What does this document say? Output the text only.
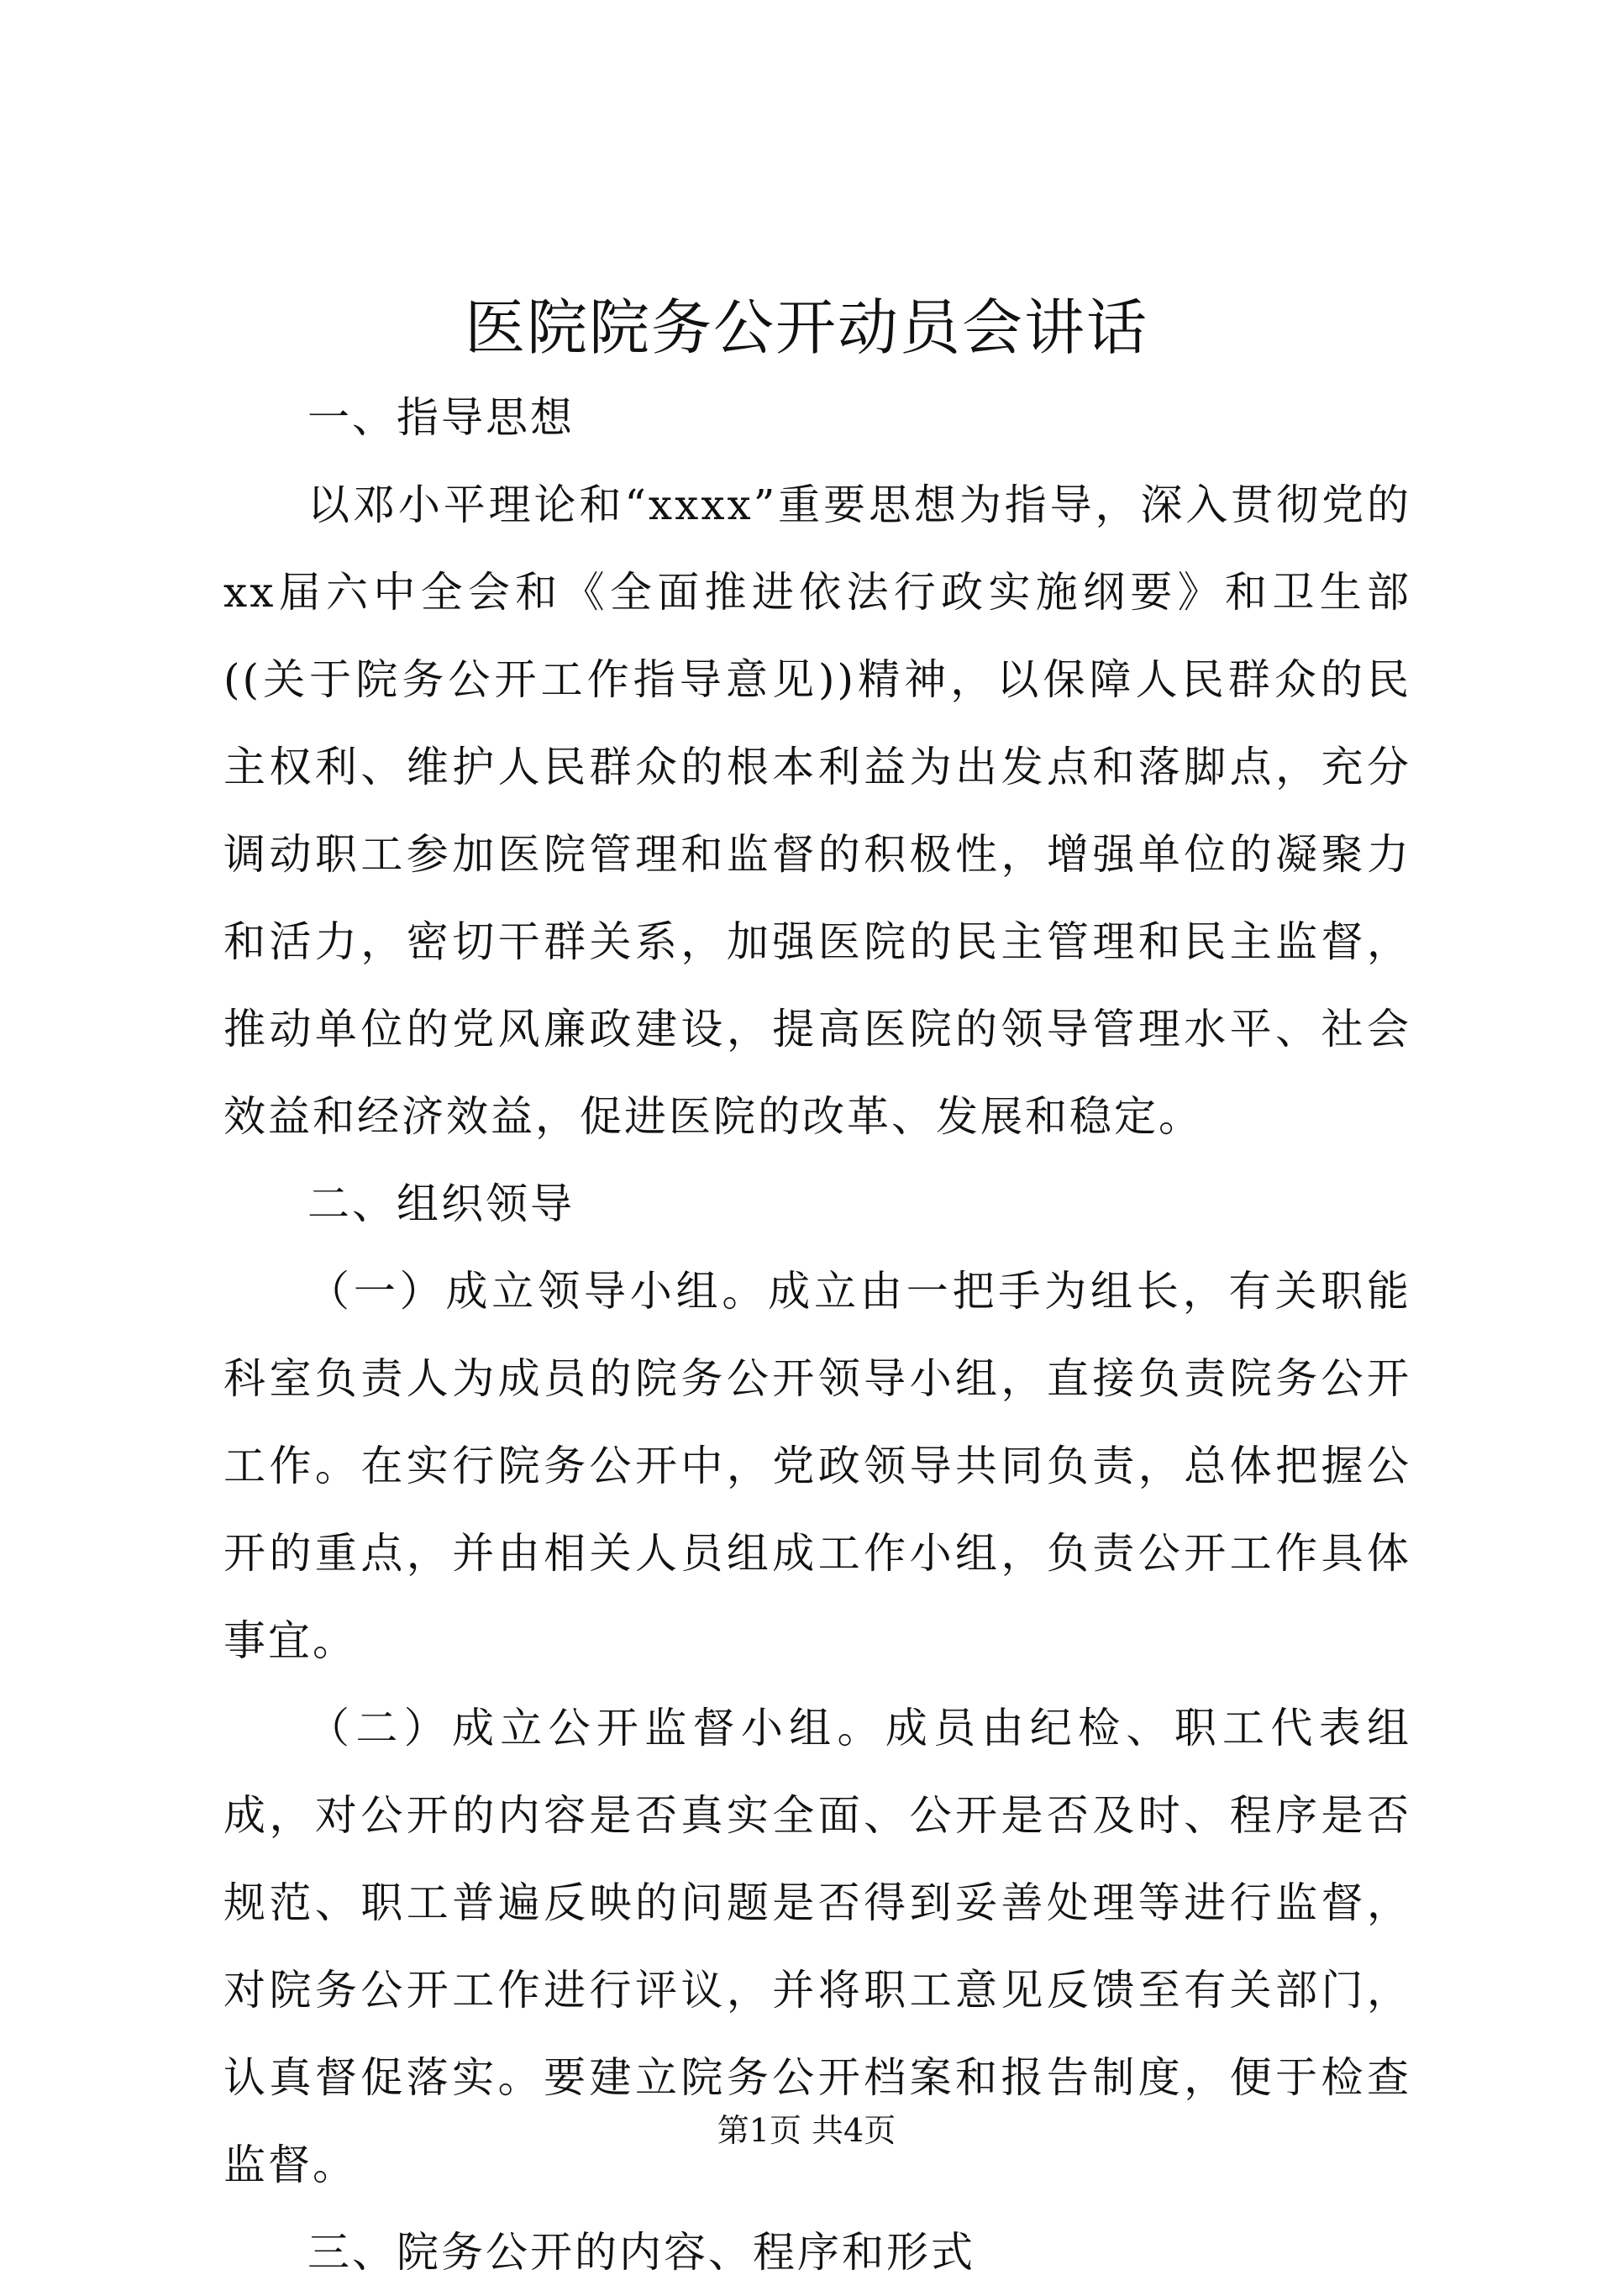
医院院务公开动员会讲话

一、指导思想

以邓小平理论和“xxxx”重要思想为指导，深入贯彻党的xx届六中全会和《全面推进依法行政实施纲要》和卫生部((关于院务公开工作指导意见))精神，以保障人民群众的民主权利、维护人民群众的根本利益为出发点和落脚点，充分调动职工参加医院管理和监督的积极性，增强单位的凝聚力和活力，密切干群关系，加强医院的民主管理和民主监督，推动单位的党风廉政建设，提高医院的领导管理水平、社会效益和经济效益，促进医院的改革、发展和稳定。

二、组织领导

（一）成立领导小组。成立由一把手为组长，有关职能科室负责人为成员的院务公开领导小组，直接负责院务公开工作。在实行院务公开中，党政领导共同负责，总体把握公开的重点，并由相关人员组成工作小组，负责公开工作具体事宜。

（二）成立公开监督小组。成员由纪检、职工代表组成，对公开的内容是否真实全面、公开是否及时、程序是否规范、职工普遍反映的问题是否得到妥善处理等进行监督，对院务公开工作进行评议，并将职工意见反馈至有关部门，认真督促落实。要建立院务公开档案和报告制度，便于检查监督。

三、院务公开的内容、程序和形式

第1页 共4页
